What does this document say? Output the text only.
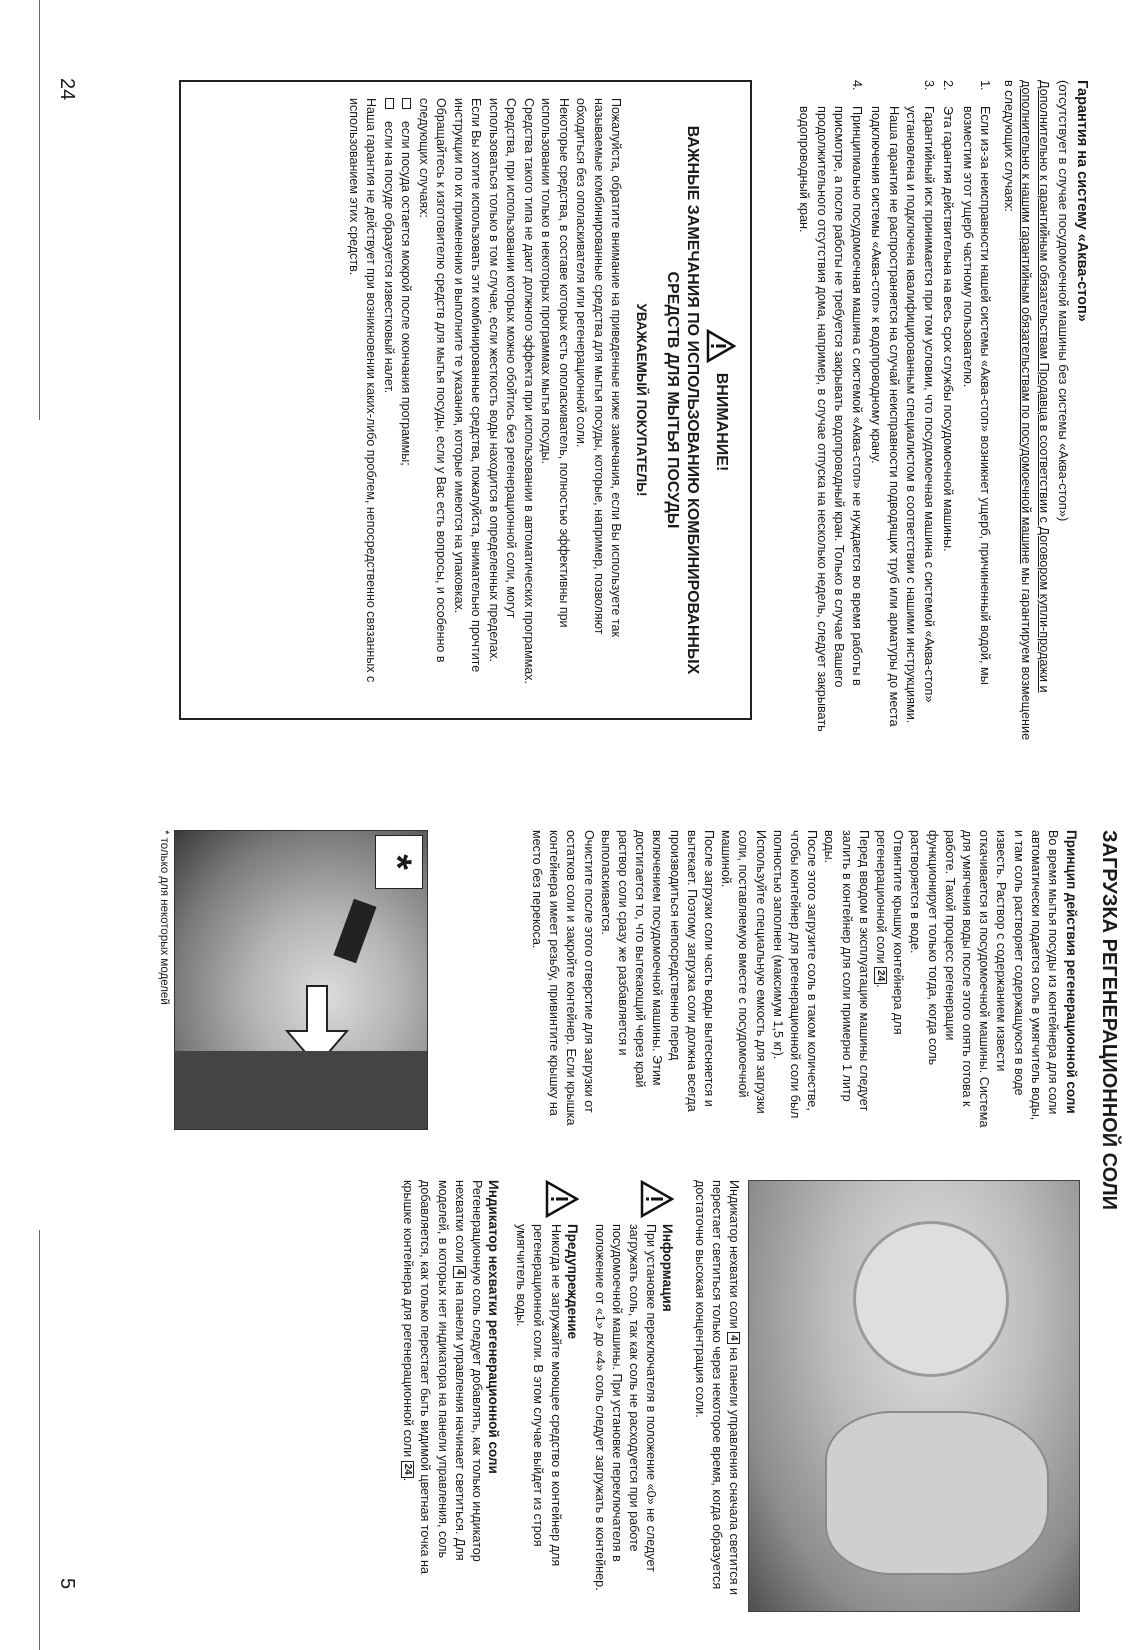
Гарантия на систему «Аква-стоп»

(отсутствует в случае посудомоечной машины без системы «Аква-стоп»)

Дополнительно к гарантийным обязательствам Продавца в соответствии с Договором купли-продажи и дополнительно к нашим гарантийным обязательствам по посудомоечной машине мы гарантируем возмещение в следующих случаях:

1.
Если из-за неисправности нашей системы «Аква-стоп» возникнет ущерб, причиненный водой, мы возместим этот ущерб частному пользователю.
2.
Эта гарантия действительна на весь срок службы посудомоечной машины.
3.
Гарантийный иск принимается при том условии, что посудомоечная машина с системой «Аква-стоп» установлена и подключена квалифицированным специалистом в соответствии с нашими инструкциями. Наша гарантия не распространяется на случай неисправности подводящих труб или арматуры до места подключения системы «Аква-стоп» к водопроводному крану.
4.
Принципиально посудомоечная машина с системой «Аква-стоп» не нуждается во время работы в присмотре, а после работы не требуется закрывать водопроводный кран. Только в случае Вашего продолжительного отсутствия дома, например, в случае отпуска на несколько недель, следует закрывать водопроводный кран.
ВНИМАНИЕ!

ВАЖНЫЕ ЗАМЕЧАНИЯ ПО ИСПОЛЬЗОВАНИЮ КОМБИНИРОВАННЫХ СРЕДСТВ ДЛЯ МЫТЬЯ ПОСУДЫ

УВАЖАЕМЫЙ ПОКУПАТЕЛЬ!

Пожалуйста, обратите внимание на приведенные ниже замечания, если Вы используете так называемые комбинированные средства для мытья посуды, которые, например, позволяют обходиться без ополаскивателя или регенерационной соли.

Некоторые средства, в составе которых есть ополаскиватель, полностью эффективны при использовании только в некоторых программах мытья посуды.

Средства такого типа не дают должного эффекта при использовании в автоматических программах.

Средства, при использовании которых можно обойтись без регенерационной соли, могут использоваться только в том случае, если жесткость воды находится в определенных пределах.

Если Вы хотите использовать эти комбинированные средства, пожалуйста, внимательно прочтите инструкции по их применению и выполните те указания, которые имеются на упаковках.

Обращайтесь к изготовителю средств для мытья посуды, если у Вас есть вопросы, и особенно в следующих случаях:

если посуда остается мокрой после окончания программы;
если на посуде образуется известковый налет.

Наша гарантия не действует при возникновении каких-либо проблем, непосредственно связанных с использованием этих средств.

24
ЗАГРУЗКА РЕГЕНЕРАЦИОННОЙ СОЛИ

Принцип действия регенерационной соли

Во время мытья посуды из контейнера для соли автоматически подается соль в умягчитель воды, и там соль растворяет содержащуюся в воде известь. Раствор с содержанием извести откачивается из посудомоечной машины. Система для умягчения воды после этого опять готова к работе. Такой процесс регенерации функционирует только тогда, когда соль растворяется в воде.

Отвинтите крышку контейнера для регенерационной соли 24.

Перед вводом в эксплуатацию машины следует залить в контейнер для соли примерно 1 литр воды.

После этого загрузите соль в таком количестве, чтобы контейнер для регенерационной соли был полностью заполнен (максимум 1,5 кг).

Используйте специальную емкость для загрузки соли, поставляемую вместе с посудомоечной машиной.

После загрузки соли часть воды вытесняется и вытекает. Поэтому загрузка соли должна всегда производиться непосредственно перед включением посудомоечной машины. Этим достигается то, что вытекающий через край раствор соли сразу же разбавляется и выполаскивается.

Очистите после этого отверстие для загрузки от остатков соли и закройте контейнер. Если крышка контейнера имеет резьбу, привинтите крышку на место без перекоса.

*
* только для некоторых моделей

Индикатор нехватки соли 4 на панели управления сначала светится и перестает светиться только через некоторое время, когда образуется достаточно высокая концентрация соли.

Информация

При установке переключателя в положение «0» не следует загружать соль, так как соль не расходуется при работе посудомоечной машины. При установке переключателя в положение от «1» до «4» соль следует загружать в контейнер.

Предупреждение

Никогда не загружайте моющее средство в контейнер для регенерационной соли. В этом случае выйдет из строя умягчитель воды.

Индикатор нехватки регенерационной соли

Регенерационную соль следует добавлять, как только индикатор нехватки соли 4 на панели управления начинает светиться. Для моделей, в которых нет индикатора на панели управления, соль добавляется, как только перестает быть видимой цветная точка на крышке контейнера для регенерационной соли 24.

5
